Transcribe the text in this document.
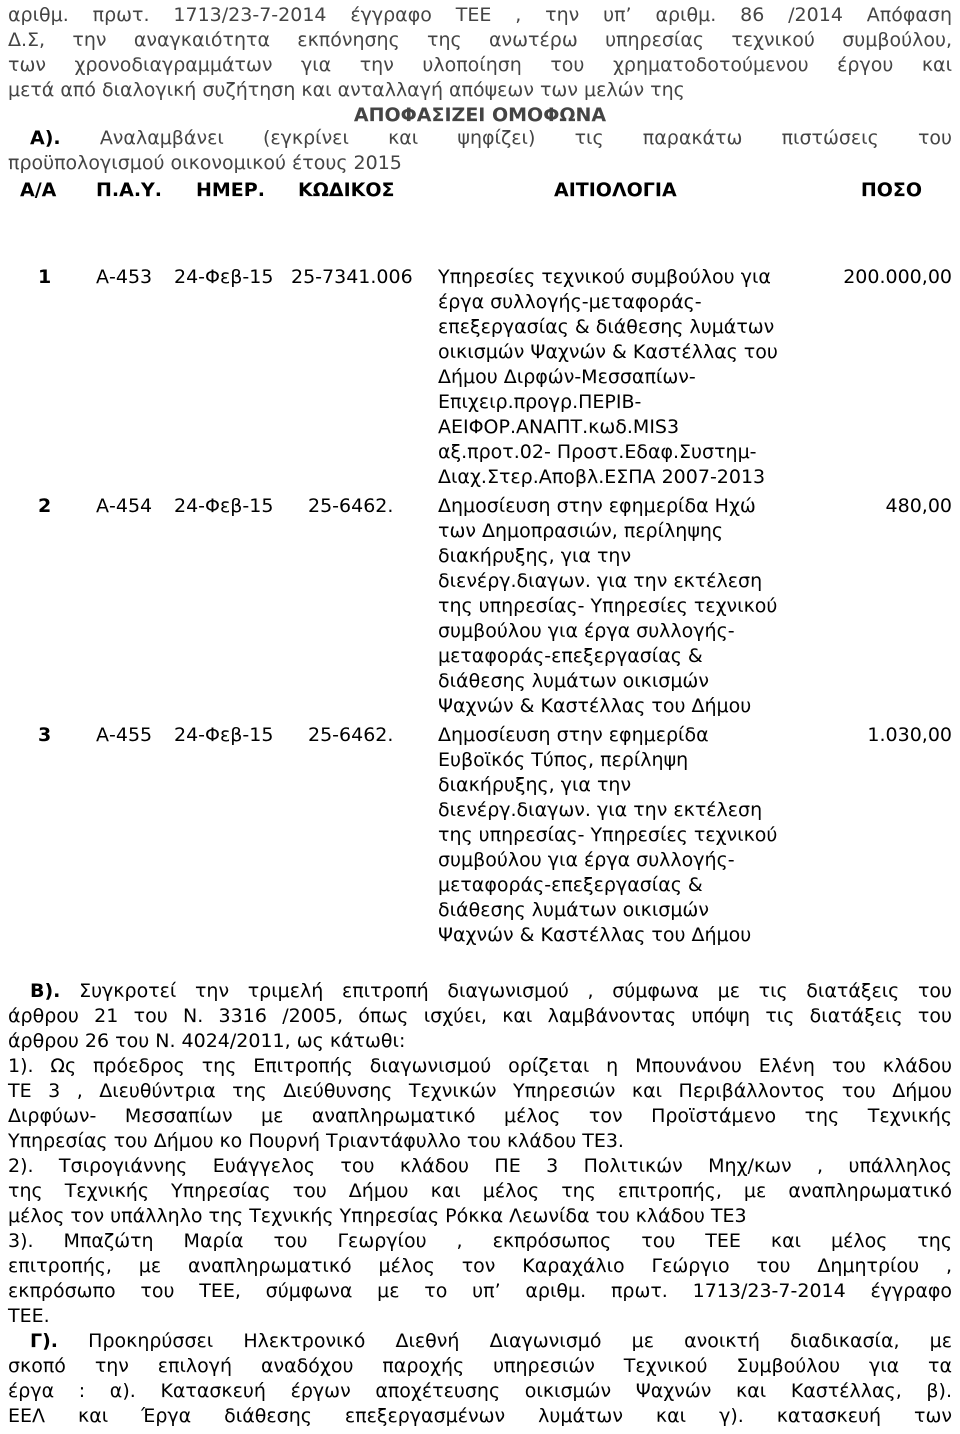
αριθμ. πρωτ. 1713/23-7-2014 έγγραφο ΤΕΕ , την υπ’ αριθμ. 86 /2014 Απόφαση
Δ.Σ, την αναγκαιότητα εκπόνησης της ανωτέρω υπηρεσίας τεχνικού συμβούλου,
των χρονοδιαγραμμάτων για την υλοποίηση του χρηματοδοτούμενου έργου και
μετά από διαλογική συζήτηση και ανταλλαγή απόψεων των μελών της
ΑΠΟΦΑΣΙΖΕΙ ΟΜΟΦΩΝΑ
Α). Αναλαμβάνει (εγκρίνει και ψηφίζει) τις παρακάτω πιστώσεις του
προϋπολογισμού οικονομικού έτους 2015
Α/Α Π.Α.Υ. ΗΜΕΡ. ΚΩΔΙΚΟΣ	ΑΙΤΙΟΛΟΓΙΑ	ΠΟΣΟ
1 Α-453 24-Φεβ-15 25-7341.006 Υπηρεσίες τεχνικού συμβούλου για
έργα συλλογής-μεταφοράς-
επεξεργασίας & διάθεσης λυμάτων
οικισμών Ψαχνών & Καστέλλας του
Δήμου Διρφών-Μεσσαπίων-
Επιχειρ.προγρ.ΠΕΡΙΒ-
ΑΕΙΦΟΡ.ΑΝΑΠΤ.κωδ.MIS3
αξ.προτ.02- Προστ.Εδαφ.Συστημ-
Διαχ.Στερ.Αποβλ.ΕΣΠΑ 2007-2013
200.000,00
2 Α-454 24-Φεβ-15 25-6462. Δημοσίευση στην εφημερίδα Ηχώ
των Δημοπρασιών, περίληψης
διακήρυξης, για την
διενέργ.διαγων. για την εκτέλεση
της υπηρεσίας- Υπηρεσίες τεχνικού
συμβούλου για έργα συλλογής-
μεταφοράς-επεξεργασίας &
διάθεσης λυμάτων οικισμών
Ψαχνών & Καστέλλας του Δήμου
480,00
3 Α-455 24-Φεβ-15 25-6462. Δημοσίευση στην εφημερίδα
Ευβοϊκός Τύπος, περίληψη
διακήρυξης, για την
διενέργ.διαγων. για την εκτέλεση
της υπηρεσίας- Υπηρεσίες τεχνικού
συμβούλου για έργα συλλογής-
μεταφοράς-επεξεργασίας &
διάθεσης λυμάτων οικισμών
Ψαχνών & Καστέλλας του Δήμου
1.030,00
Β). Συγκροτεί την τριμελή επιτροπή διαγωνισμού , σύμφωνα με τις διατάξεις του
άρθρου 21 του Ν. 3316 /2005, όπως ισχύει, και λαμβάνοντας υπόψη τις διατάξεις του
άρθρου 26 του Ν. 4024/2011, ως κάτωθι:
1). Ως πρόεδρος της Επιτροπής διαγωνισμού ορίζεται η Μπουνάνου Ελένη του κλάδου
ΤΕ 3 , Διευθύντρια της Διεύθυνσης Τεχνικών Υπηρεσιών και Περιβάλλοντος του Δήμου
Διρφύων- Μεσσαπίων με αναπληρωματικό μέλος τον Προϊστάμενο της Τεχνικής
Υπηρεσίας του Δήμου κο Πουρνή Τριαντάφυλλο του κλάδου ΤΕ3.
2). Τσιρογιάννης Ευάγγελος του κλάδου ΠΕ 3 Πολιτικών Μηχ/κων , υπάλληλος
της Τεχνικής Υπηρεσίας του Δήμου και μέλος της επιτροπής, με αναπληρωματικό
μέλος τον υπάλληλο της Τεχνικής Υπηρεσίας Ρόκκα Λεωνίδα του κλάδου ΤΕ3
3). Μπαζώτη Μαρία του Γεωργίου , εκπρόσωπος του ΤΕΕ και μέλος της
επιτροπής, με αναπληρωματικό μέλος τον Καραχάλιο Γεώργιο του Δημητρίου ,
εκπρόσωπο του ΤΕΕ, σύμφωνα με το υπ’ αριθμ. πρωτ. 1713/23-7-2014 έγγραφο
ΤΕΕ.
Γ). Προκηρύσσει Ηλεκτρονικό Διεθνή Διαγωνισμό με ανοικτή διαδικασία, με
σκοπό την επιλογή αναδόχου παροχής υπηρεσιών Τεχνικού Συμβούλου για τα
έργα : α). Κατασκευή έργων αποχέτευσης οικισμών Ψαχνών και Καστέλλας, β).
ΕΕΛ και Έργα διάθεσης επεξεργασμένων λυμάτων και γ). κατασκευή των
